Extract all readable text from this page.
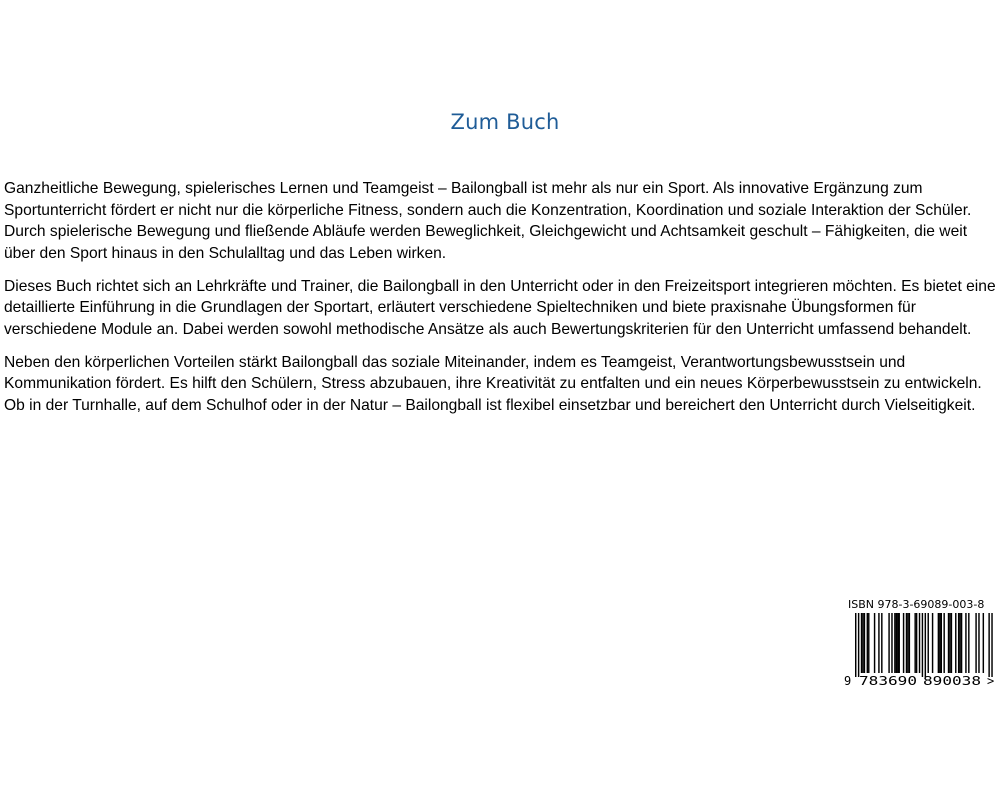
Zum Buch

Ganzheitliche Bewegung, spielerisches Lernen und Teamgeist – Bailongball ist mehr als nur ein Sport. Als innovative Ergänzung zum Sportunterricht fördert er nicht nur die körperliche Fitness, sondern auch die Konzentration, Koordination und soziale Interaktion der Schüler. Durch spielerische Bewegung und fließende Abläufe werden Beweglichkeit, Gleichgewicht und Achtsamkeit geschult – Fähigkeiten, die weit über den Sport hinaus in den Schulalltag und das Leben wirken.

Dieses Buch richtet sich an Lehrkräfte und Trainer, die Bailongball in den Unterricht oder in den Freizeitsport integrieren möchten. Es bietet eine detaillierte Einführung in die Grundlagen der Sportart, erläutert verschiedene Spieltechniken und biete praxisnahe Übungsformen für verschiedene Module an. Dabei werden sowohl methodische Ansätze als auch Bewertungskriterien für den Unterricht umfassend behandelt.

Neben den körperlichen Vorteilen stärkt Bailongball das soziale Miteinander, indem es Teamgeist, Verantwortungsbewusstsein und Kommunikation fördert. Es hilft den Schülern, Stress abzubauen, ihre Kreativität zu entfalten und ein neues Körperbewusstsein zu entwickeln. Ob in der Turnhalle, auf dem Schulhof oder in der Natur – Bailongball ist flexibel einsetzbar und bereichert den Unterricht durch Vielseitigkeit.

ISBN 978-3-69089-003-8
9 783690 890038 >
